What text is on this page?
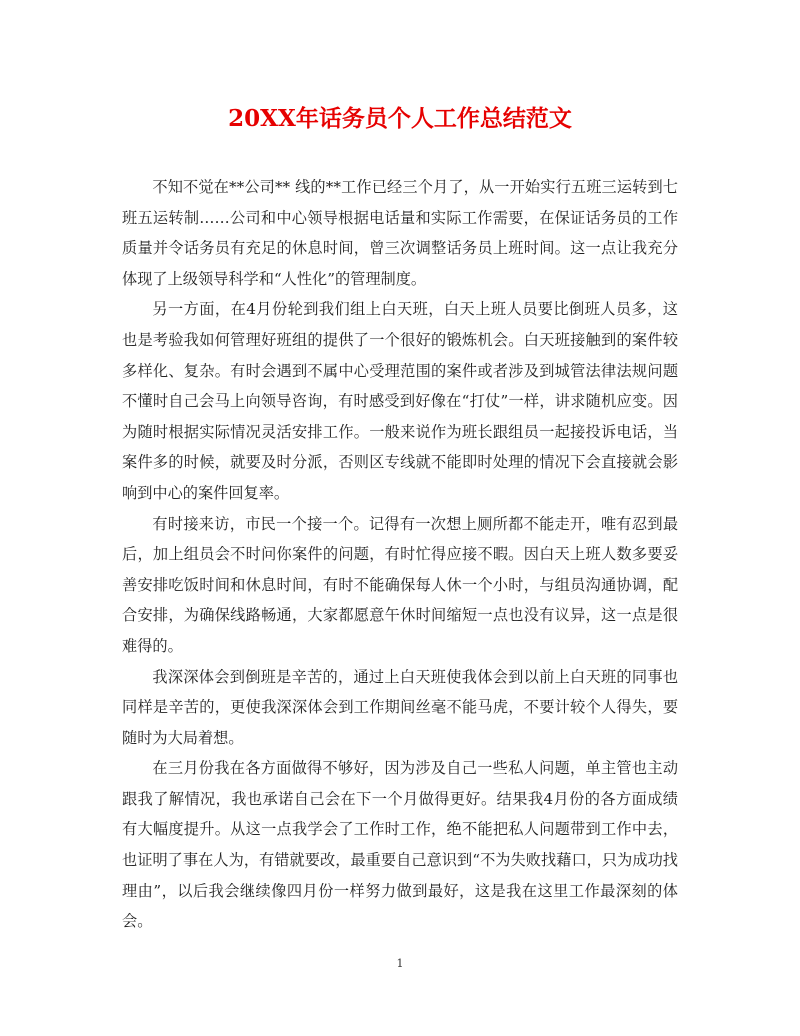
20XX年话务员个人工作总结范文

不知不觉在**公司** 线的**工作已经三个月了，从一开始实行五班三运转到七班五运转制……公司和中心领导根据电话量和实际工作需要，在保证话务员的工作质量并令话务员有充足的休息时间，曾三次调整话务员上班时间。这一点让我充分体现了上级领导科学和“人性化”的管理制度。

另一方面，在4月份轮到我们组上白天班，白天上班人员要比倒班人员多，这也是考验我如何管理好班组的提供了一个很好的锻炼机会。白天班接触到的案件较多样化、复杂。有时会遇到不属中心受理范围的案件或者涉及到城管法律法规问题不懂时自己会马上向领导咨询，有时感受到好像在“打仗”一样，讲求随机应变。因为随时根据实际情况灵活安排工作。一般来说作为班长跟组员一起接投诉电话，当案件多的时候，就要及时分派，否则区专线就不能即时处理的情况下会直接就会影响到中心的案件回复率。

有时接来访，市民一个接一个。记得有一次想上厕所都不能走开，唯有忍到最后，加上组员会不时问你案件的问题，有时忙得应接不暇。因白天上班人数多要妥善安排吃饭时间和休息时间，有时不能确保每人休一个小时，与组员沟通协调，配合安排，为确保线路畅通，大家都愿意午休时间缩短一点也没有议异，这一点是很难得的。

我深深体会到倒班是辛苦的，通过上白天班使我体会到以前上白天班的同事也同样是辛苦的，更使我深深体会到工作期间丝毫不能马虎，不要计较个人得失，要随时为大局着想。

在三月份我在各方面做得不够好，因为涉及自己一些私人问题，单主管也主动跟我了解情况，我也承诺自己会在下一个月做得更好。结果我4月份的各方面成绩有大幅度提升。从这一点我学会了工作时工作，绝不能把私人问题带到工作中去，也证明了事在人为，有错就要改，最重要自己意识到“不为失败找藉口，只为成功找理由”，以后我会继续像四月份一样努力做到最好，这是我在这里工作最深刻的体会。

1
